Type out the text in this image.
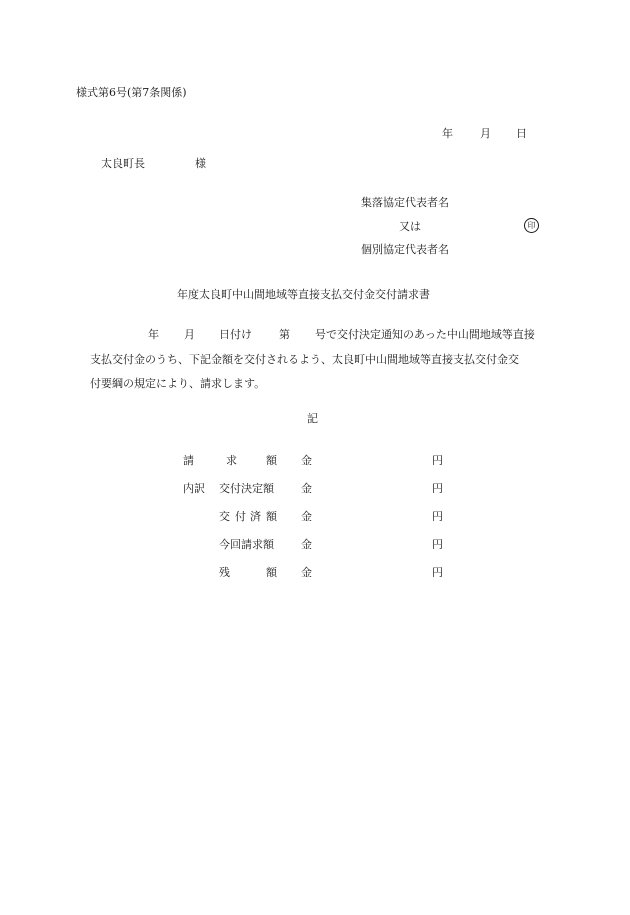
様式第6号(第7条関係)
年 月 日
太良町長	様
集落協定代表者名
又は	印
個別協定代表者名
年度太良町中山間地域等直接支払交付金交付請求書
年 月 日付け 第 号で交付決定通知のあった中山間地域等直接
支払交付金のうち、下記金額を交付されるよう、太良町中山間地域等直接支払交付金交
付要綱の規定により、請求します。
記
請	求	額 金	円
内訳 交付決定額 金	円
交 付 済 額 金	円
今回請求額 金	円
残	額 金	円
